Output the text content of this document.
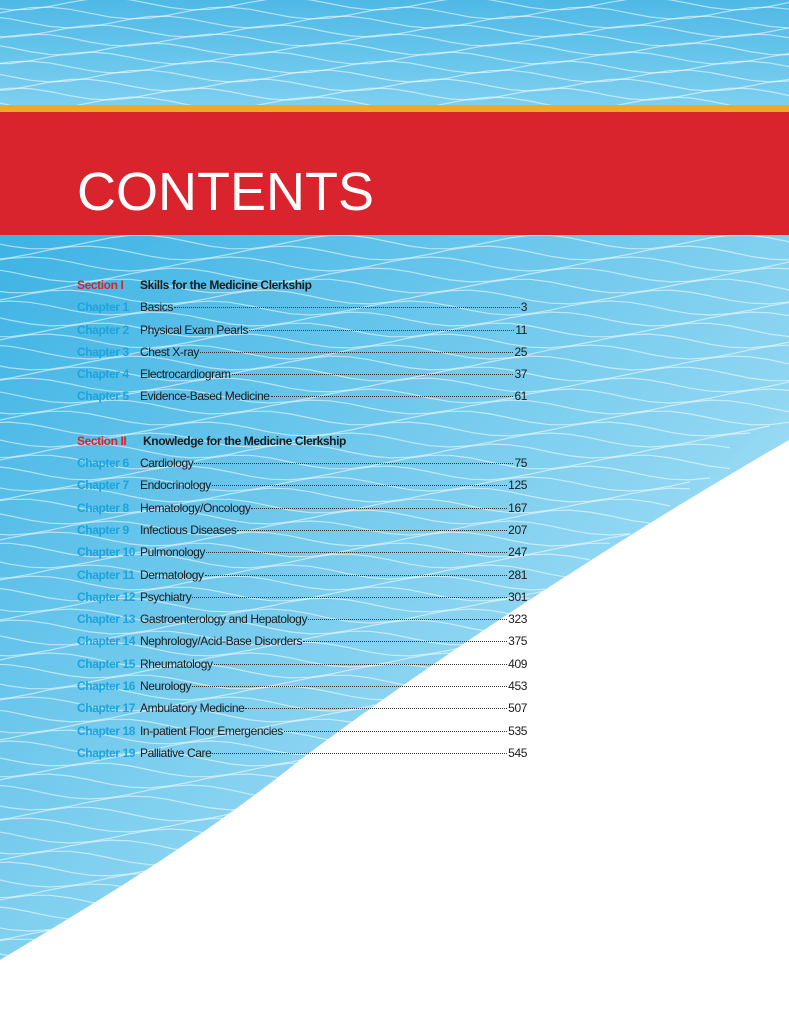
CONTENTS
Section I Skills for the Medicine Clerkship
Chapter 1 Basics	3
Chapter 2 Physical Exam Pearls	11
Chapter 3 Chest X-ray	25
Chapter 4 Electrocardiogram	37
Chapter 5 Evidence-Based Medicine	61
Section II Knowledge for the Medicine Clerkship
Chapter 6 Cardiology	75
Chapter 7 Endocrinology	125
Chapter 8 Hematology/Oncology	167
Chapter 9 Infectious Diseases	207
Chapter 10 Pulmonology	247
Chapter 11 Dermatology	281
Chapter 12 Psychiatry	301
Chapter 13 Gastroenterology and Hepatology	323
Chapter 14 Nephrology/Acid-Base Disorders	375
Chapter 15 Rheumatology	409
Chapter 16 Neurology	453
Chapter 17 Ambulatory Medicine	507
Chapter 18 In-patient Floor Emergencies	535
Chapter 19 Palliative Care	545
